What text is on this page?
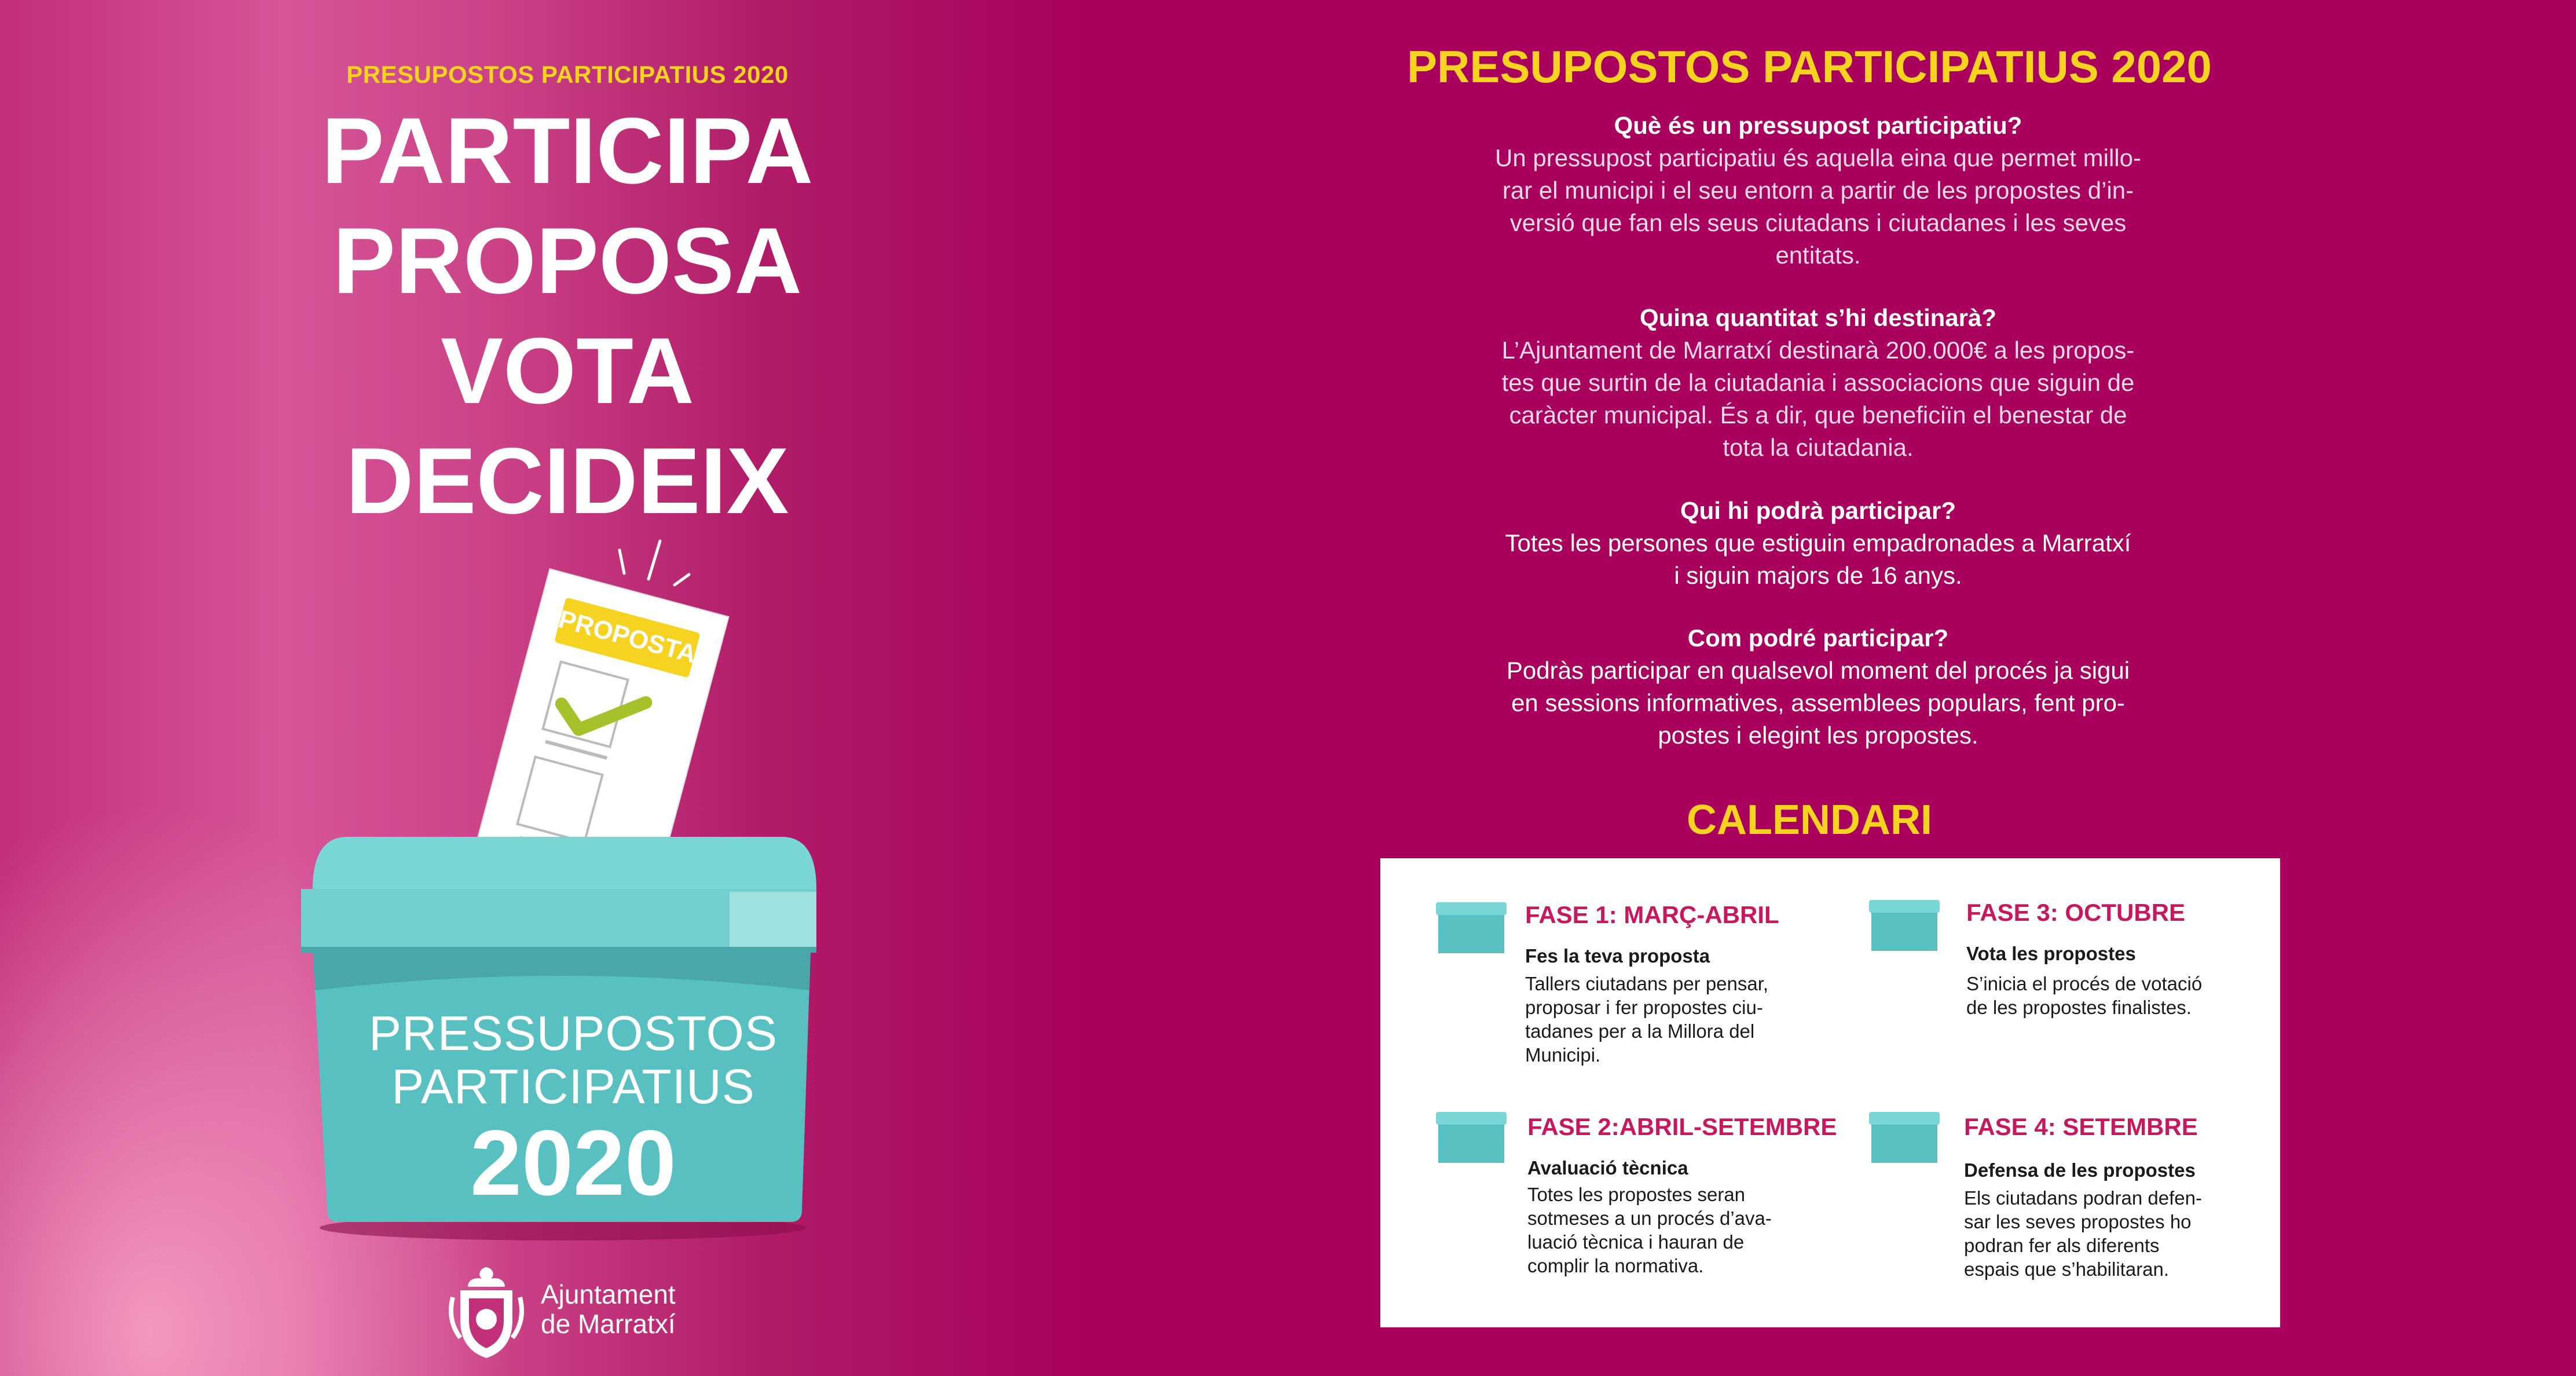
PRESUPOSTOS PARTICIPATIUS 2020
PARTICIPA
PROPOSA
VOTA
DECIDEIX
PROPOSTA
PRESSUPOSTOS
PARTICIPATIUS
2020
Ajuntament
de Marratxí
PRESUPOSTOS PARTICIPATIUS 2020
Què és un pressupost participatiu?
Un pressupost participatiu és aquella eina que permet millo-
rar el municipi i el seu entorn a partir de les propostes d’in-
versió que fan els seus ciutadans i ciutadanes i les seves
entitats.
Quina quantitat s’hi destinarà?
L’Ajuntament de Marratxí destinarà 200.000€ a les propos-
tes que surtin de la ciutadania i associacions que siguin de
caràcter municipal. És a dir, que beneficiïn el benestar de
tota la ciutadania.
Qui hi podrà participar?
Totes les persones que estiguin empadronades a Marratxí
i siguin majors de 16 anys.
Com podré participar?
Podràs participar en qualsevol moment del procés ja sigui
en sessions informatives, assemblees populars, fent pro-
postes i elegint les propostes.
CALENDARI
FASE 1: MARÇ-ABRIL
Fes la teva proposta
Tallers ciutadans per pensar,
proposar i fer propostes ciu-
tadanes per a la Millora del
Municipi.
FASE 3: OCTUBRE
Vota les propostes
S’inicia el procés de votació
de les propostes finalistes.
FASE 2:ABRIL-SETEMBRE
Avaluació tècnica
Totes les propostes seran
sotmeses a un procés d’ava-
luació tècnica i hauran de
complir la normativa.
FASE 4: SETEMBRE
Defensa de les propostes
Els ciutadans podran defen-
sar les seves propostes ho
podran fer als diferents
espais que s’habilitaran.
